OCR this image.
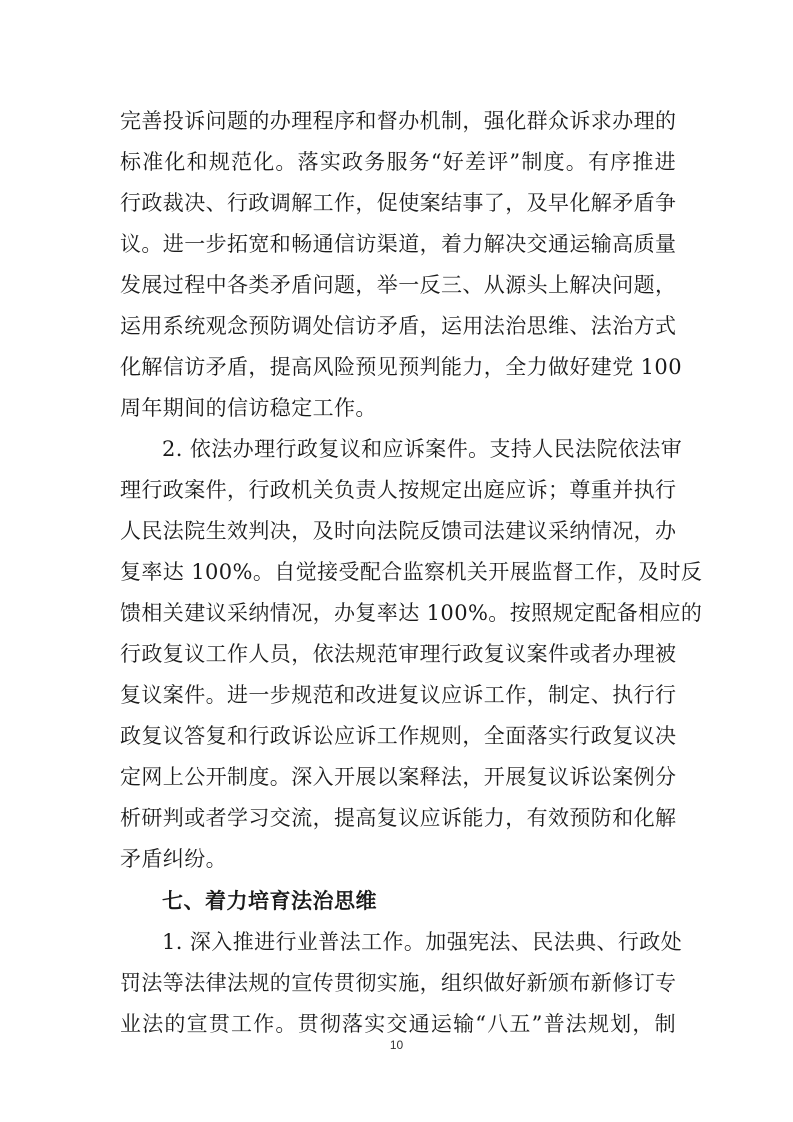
完善投诉问题的办理程序和督办机制，强化群众诉求办理的
标准化和规范化。落实政务服务“好差评”制度。有序推进
行政裁决、行政调解工作，促使案结事了，及早化解矛盾争
议。进一步拓宽和畅通信访渠道，着力解决交通运输高质量
发展过程中各类矛盾问题，举一反三、从源头上解决问题，
运用系统观念预防调处信访矛盾，运用法治思维、法治方式
化解信访矛盾，提高风险预见预判能力，全力做好建党 100
周年期间的信访稳定工作。
2. 依法办理行政复议和应诉案件。支持人民法院依法审
理行政案件，行政机关负责人按规定出庭应诉；尊重并执行
人民法院生效判决，及时向法院反馈司法建议采纳情况，办
复率达 100%。自觉接受配合监察机关开展监督工作，及时反
馈相关建议采纳情况，办复率达 100%。按照规定配备相应的
行政复议工作人员，依法规范审理行政复议案件或者办理被
复议案件。进一步规范和改进复议应诉工作，制定、执行行
政复议答复和行政诉讼应诉工作规则，全面落实行政复议决
定网上公开制度。深入开展以案释法，开展复议诉讼案例分
析研判或者学习交流，提高复议应诉能力，有效预防和化解
矛盾纠纷。
七、着力培育法治思维
1. 深入推进行业普法工作。加强宪法、民法典、行政处
罚法等法律法规的宣传贯彻实施，组织做好新颁布新修订专
业法的宣贯工作。贯彻落实交通运输“八五”普法规划，制
10
